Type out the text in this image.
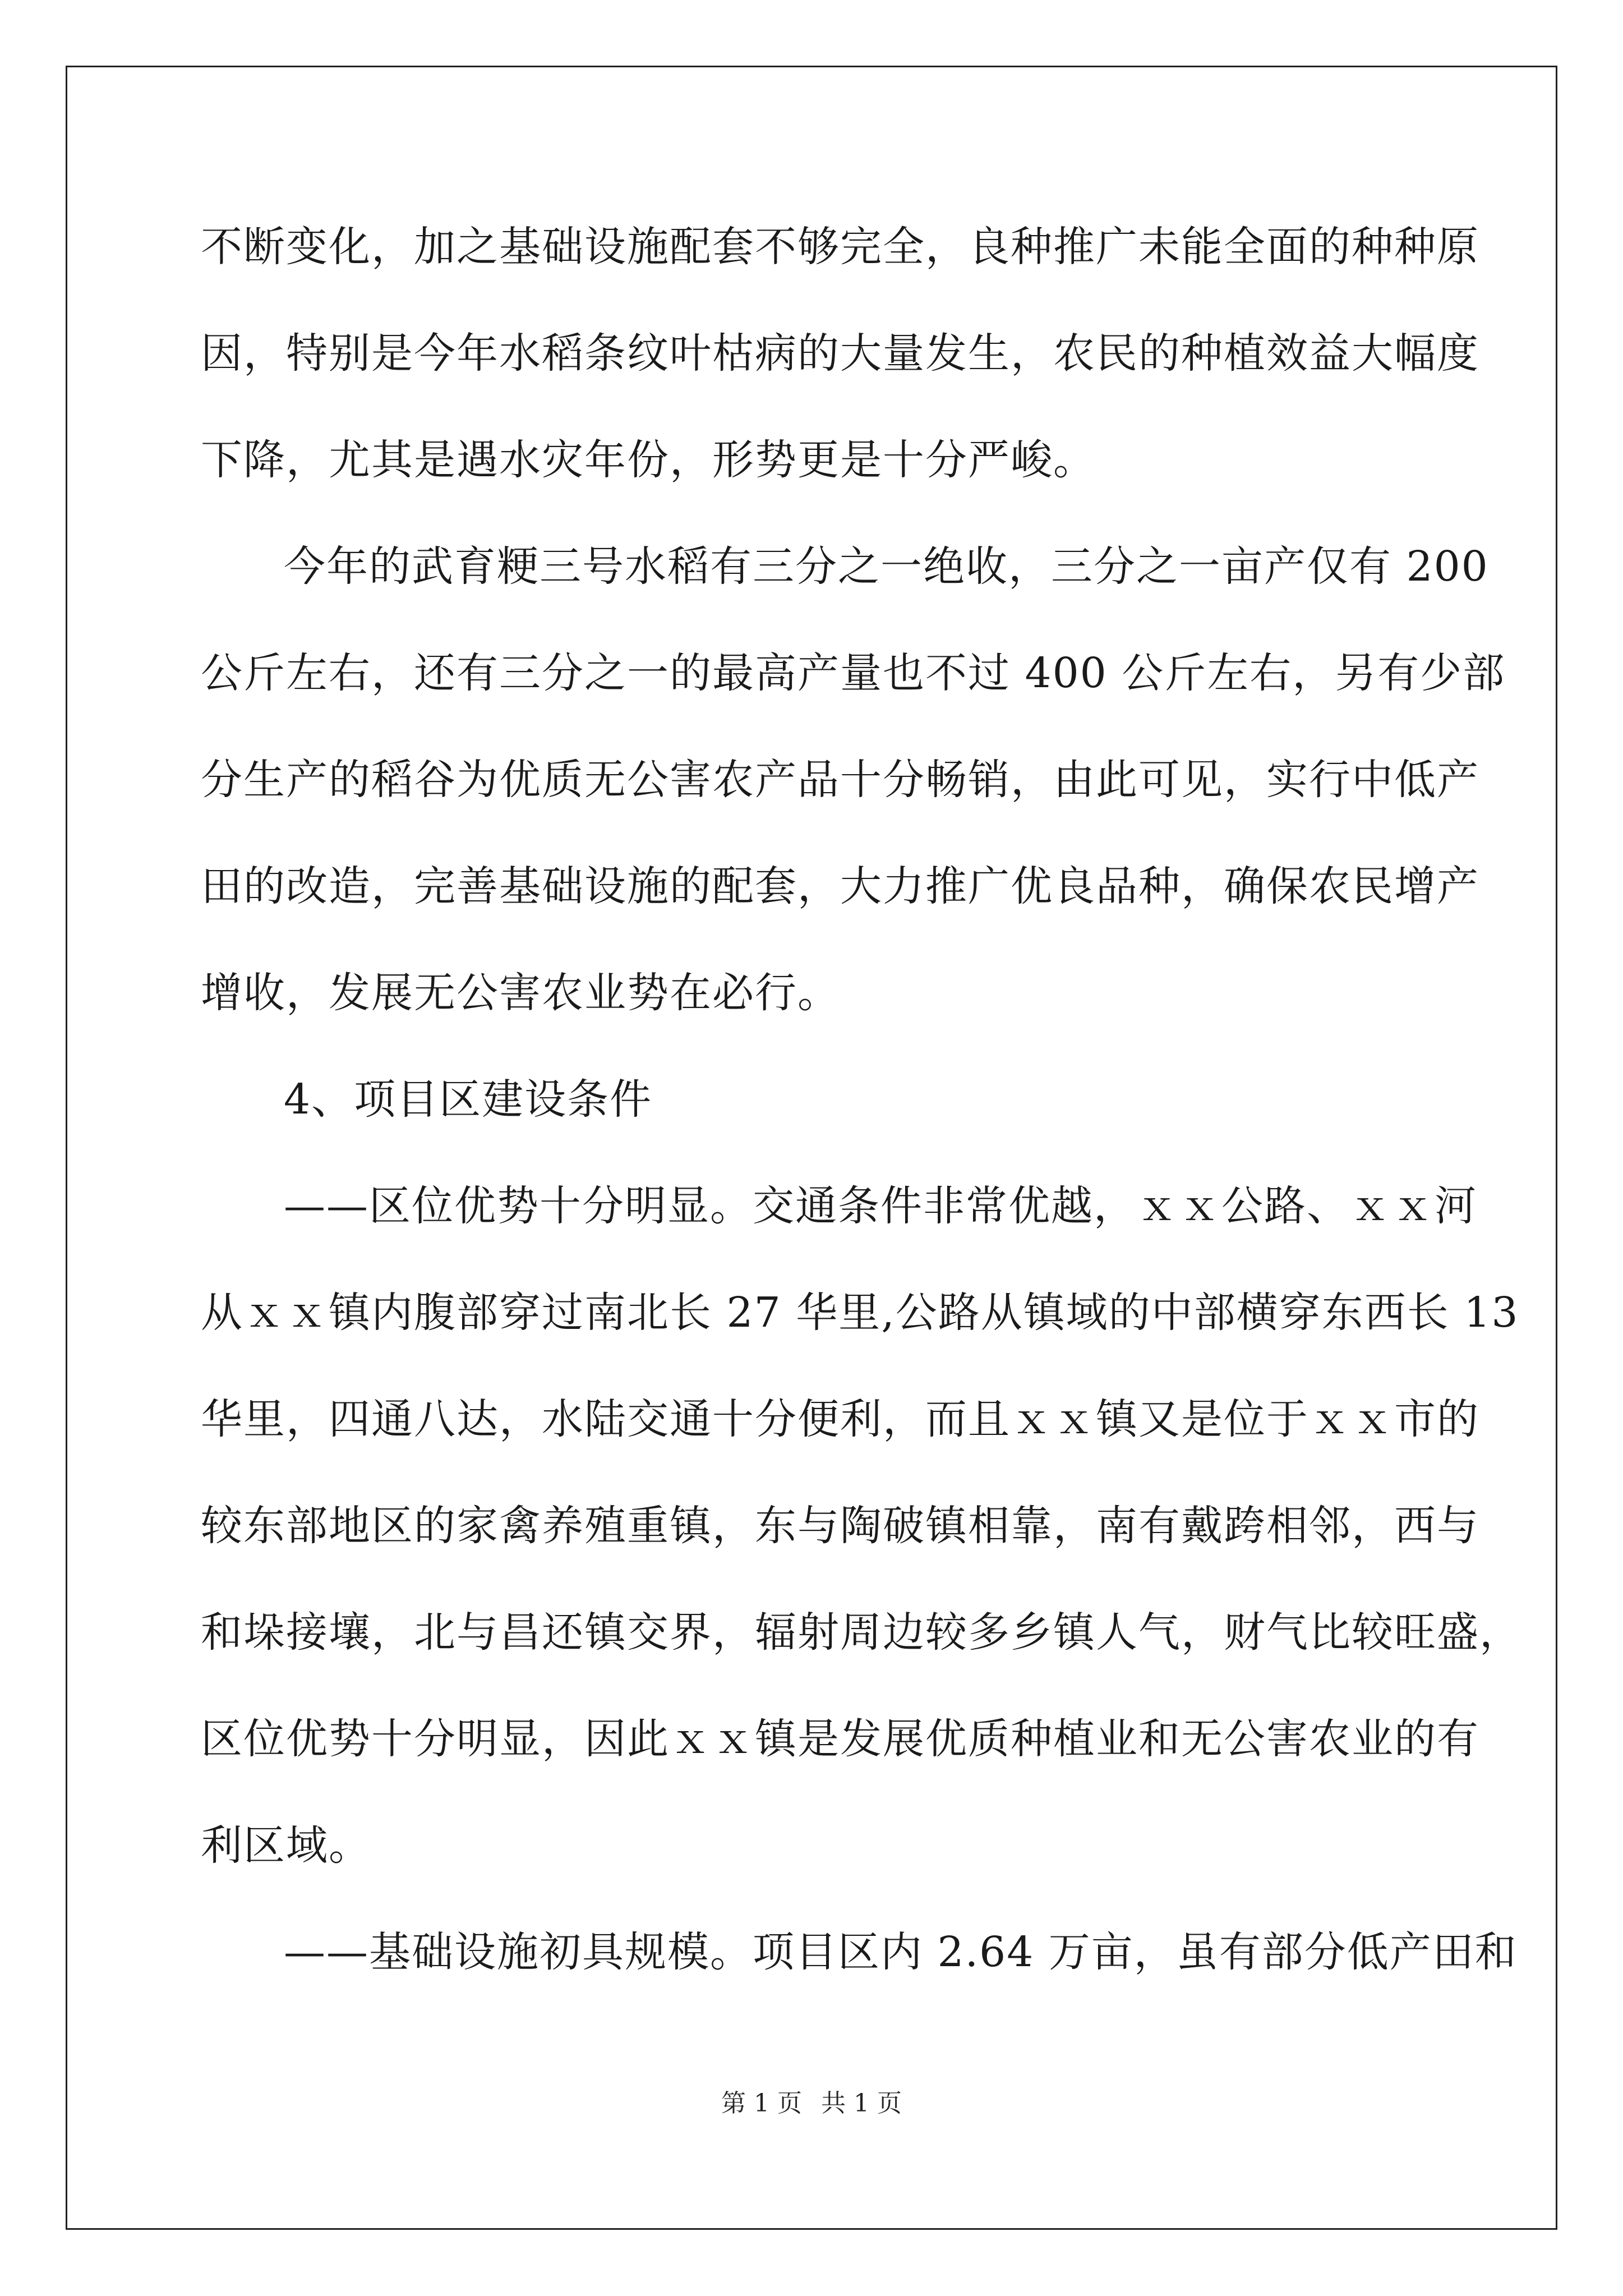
不断变化，加之基础设施配套不够完全，良种推广未能全面的种种原
因，特别是今年水稻条纹叶枯病的大量发生，农民的种植效益大幅度
下降，尤其是遇水灾年份，形势更是十分严峻。
今年的武育粳三号水稻有三分之一绝收，三分之一亩产仅有 200
公斤左右，还有三分之一的最高产量也不过 400 公斤左右，另有少部
分生产的稻谷为优质无公害农产品十分畅销，由此可见，实行中低产
田的改造，完善基础设施的配套，大力推广优良品种，确保农民增产
增收，发展无公害农业势在必行。
4、项目区建设条件
——区位优势十分明显。交通条件非常优越，ｘｘ公路、ｘｘ河
从ｘｘ镇内腹部穿过南北长 27 华里,公路从镇域的中部横穿东西长 13
华里，四通八达，水陆交通十分便利，而且ｘｘ镇又是位于ｘｘ市的
较东部地区的家禽养殖重镇，东与陶破镇相靠，南有戴跨相邻，西与
和垛接壤，北与昌还镇交界，辐射周边较多乡镇人气，财气比较旺盛，
区位优势十分明显，因此ｘｘ镇是发展优质种植业和无公害农业的有
利区域。
——基础设施初具规模。项目区内 2.64 万亩，虽有部分低产田和
第 1 页 共 1 页
